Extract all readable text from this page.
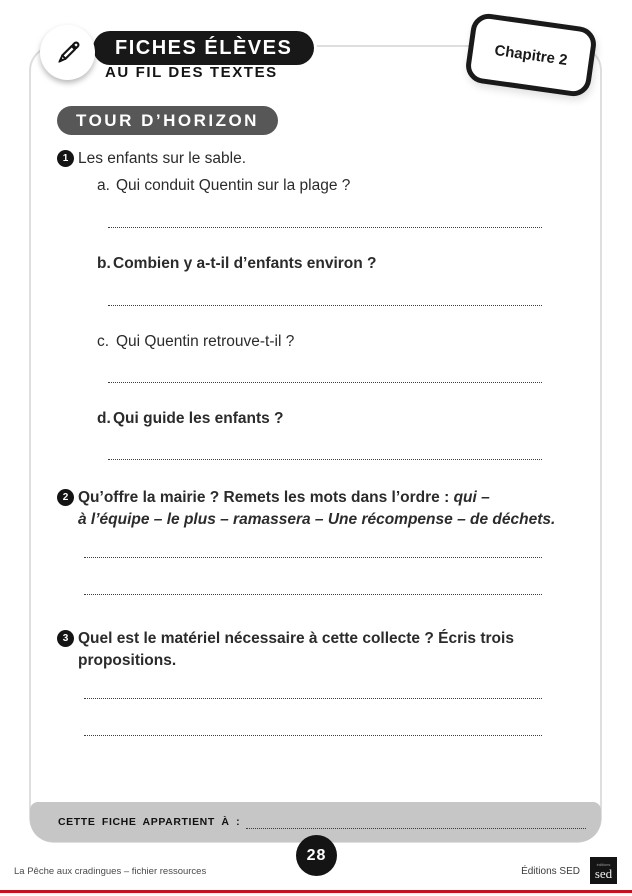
CETTE FICHE APPARTIENT À :
FICHES ÉLÈVES
AU FIL DES TEXTES
Chapitre 2
TOUR D’HORIZON
1 Les enfants sur le sable.
a. Qui conduit Quentin sur la plage ?
b. Combien y a-t-il d’enfants environ ?
c. Qui Quentin retrouve-t-il ?
d. Qui guide les enfants ?
2 Qu’offre la mairie ? Remets les mots dans l’ordre : qui –
à l’équipe – le plus – ramassera – Une récompense – de déchets.
3 Quel est le matériel nécessaire à cette collecte ? Écris trois
propositions.
28
La Pêche aux cradingues – fichier ressources	Éditions SED
éditions
sed
